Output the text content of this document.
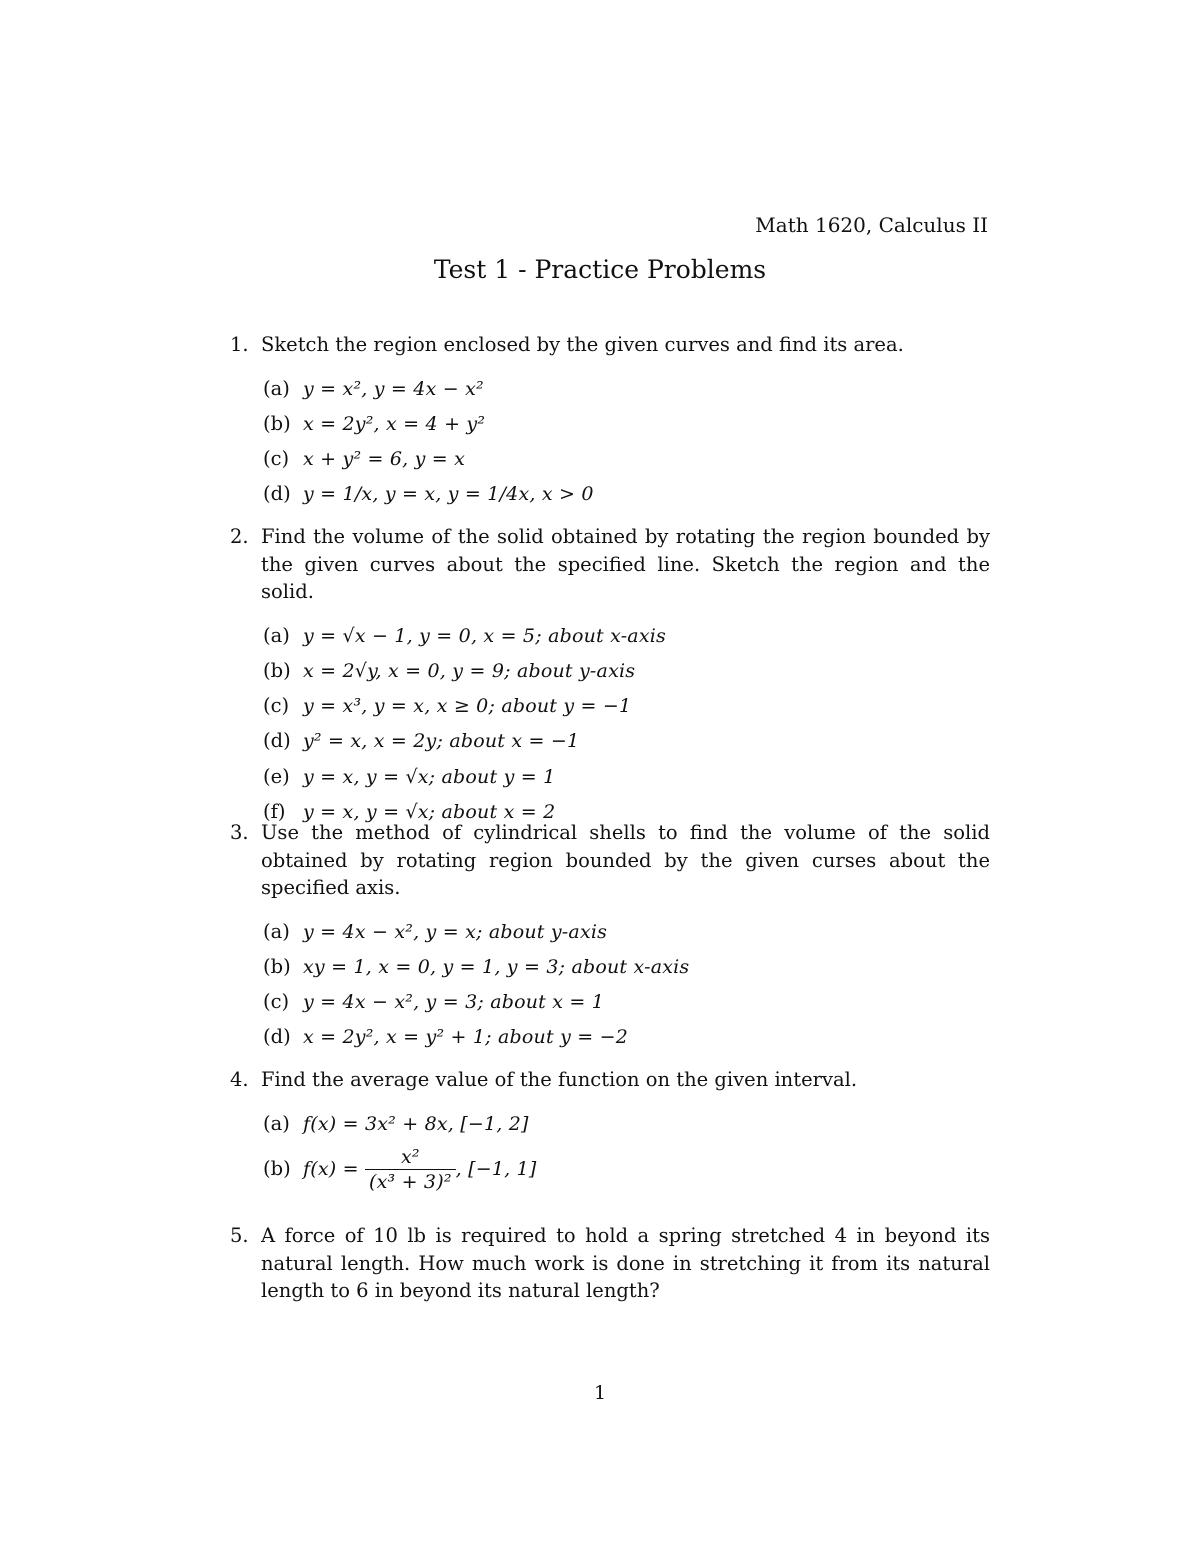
Math 1620, Calculus II
Test 1 - Practice Problems
1. Sketch the region enclosed by the given curves and find its area.
(a) y = x², y = 4x − x²
(b) x = 2y², x = 4 + y²
(c) x + y² = 6, y = x
(d) y = 1/x, y = x, y = 1/4x, x > 0
2. Find the volume of the solid obtained by rotating the region bounded by the given curves about the specified line. Sketch the region and the solid.
(a) y = √x − 1, y = 0, x = 5; about x-axis
(b) x = 2√y, x = 0, y = 9; about y-axis
(c) y = x³, y = x, x ≥ 0; about y = −1
(d) y² = x, x = 2y; about x = −1
(e) y = x, y = √x; about y = 1
(f) y = x, y = √x; about x = 2
3. Use the method of cylindrical shells to find the volume of the solid obtained by rotating region bounded by the given curses about the specified axis.
(a) y = 4x − x², y = x; about y-axis
(b) xy = 1, x = 0, y = 1, y = 3; about x-axis
(c) y = 4x − x², y = 3; about x = 1
(d) x = 2y², x = y² + 1; about y = −2
4. Find the average value of the function on the given interval.
(a) f(x) = 3x² + 8x, [−1, 2]
(b) $f(x) = \frac{\text{x²}}{\text{(x³ + 3)²}}$ , [−1, 1]
5. A force of 10 lb is required to hold a spring stretched 4 in beyond its natural length. How much work is done in stretching it from its natural length to 6 in beyond its natural length?
1
